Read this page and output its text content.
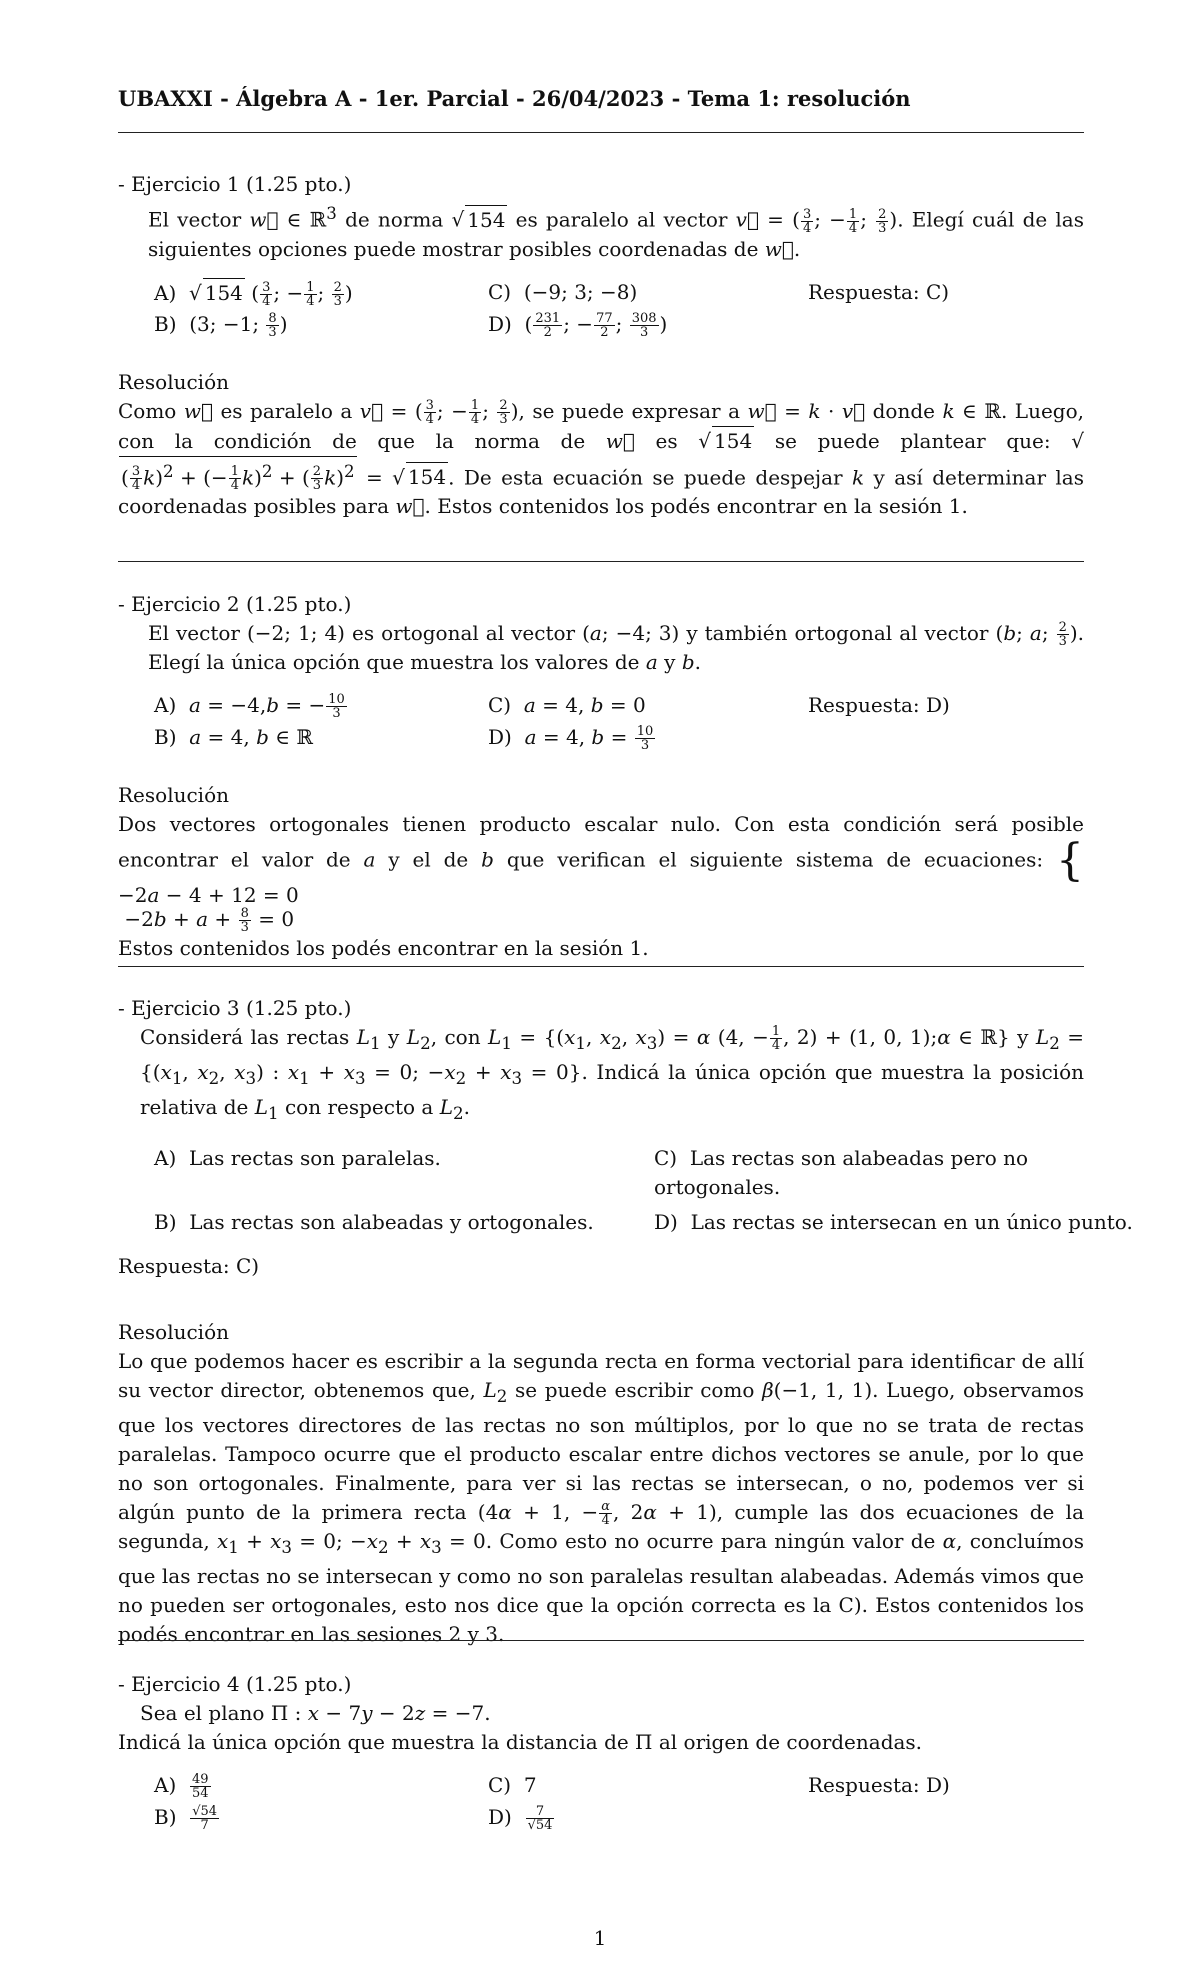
UBAXXI - Álgebra A - 1er. Parcial - 26/04/2023 - Tema 1: resolución

- Ejercicio 1 (1.25 pto.)

El vector w⃗ ∈ ℝ$^3$ de norma √ 154 es paralelo al vector v⃗ = ( $\frac{3}{4}$ ; − $\frac{1}{4}$ ; $\frac{2}{3}$ ). Elegí cuál de las siguientes opciones puede mostrar posibles coordenadas de w⃗.

A)  √ 154 ( $\frac{3}{4}$ ; − $\frac{1}{4}$ ; $\frac{2}{3}$ )
B)  (3; −1; $\frac{8}{3}$ )
C)  (−9; 3; −8)
D)  ( $\frac{231}{2}$ ; − $\frac{77}{2}$ ; $\frac{308}{3}$ )
Respuesta: C)

Resolución

Como w⃗ es paralelo a v⃗ = ( $\frac{3}{4}$ ; − $\frac{1}{4}$ ; $\frac{2}{3}$ ), se puede expresar a w⃗ = k · v⃗ donde k ∈ ℝ. Luego, con la condición de que la norma de w⃗ es √ 154 se puede plantear que: √( $\frac{3}{4} k)^2$ + (− $\frac{1}{4} k)^2$ + ( $\frac{2}{3} k)^2$ = √ 154 . De esta ecuación se puede despejar k y así determinar las coordenadas posibles para w⃗. Estos contenidos los podés encontrar en la sesión 1.

- Ejercicio 2 (1.25 pto.)

El vector (−2; 1; 4) es ortogonal al vector (a; −4; 3) y también ortogonal al vector (b; a; $\frac{2}{3}$ ). Elegí la única opción que muestra los valores de a y b.

A) a = −4,b = − $\frac{10}{3}$
B) a = 4, b ∈ ℝ
C) a = 4, b = 0
D) a = 4, $b = \frac{10}{3}$
Respuesta: D)

Resolución

Dos vectores ortogonales tienen producto escalar nulo. Con esta condición será posible encontrar el valor de a y el de b que verifican el siguiente sistema de ecuaciones: {−2a − 4 + 12 = 0
$-2b + a + \frac{8}{3} = 0$

Estos contenidos los podés encontrar en la sesión 1.

- Ejercicio 3 (1.25 pto.)

Considerá las rectas $L_1$ y $L_2$, con $L_1 = \{(x_1$, $x_2$, $x_3) = \alpha$ (4, − $\frac{1}{4}$ , 2) + (1, 0, 1);α ∈ ℝ} y $L_2 = \{(x_1$, $x_2$, $x_3$) : $x_1 + x_3 = 0$; $-x_2 + x_3 = 0$}. Indicá la única opción que muestra la posición relativa de $L_1$ con respecto a $L_2$.

A) Las rectas son paralelas.
B) Las rectas son alabeadas y ortogonales.
C) Las rectas son alabeadas pero no ortogonales.
D) Las rectas se intersecan en un único punto.

Respuesta: C)

Resolución

Lo que podemos hacer es escribir a la segunda recta en forma vectorial para identificar de allí su vector director, obtenemos que, $L_2$ se puede escribir como β(−1, 1, 1). Luego, observamos que los vectores directores de las rectas no son múltiplos, por lo que no se trata de rectas paralelas. Tampoco ocurre que el producto escalar entre dichos vectores se anule, por lo que no son ortogonales. Finalmente, para ver si las rectas se intersecan, o no, podemos ver si algún punto de la primera recta (4α + 1, − $\frac{\alpha}{4}$ , 2α + 1), cumple las dos ecuaciones de la segunda, $x_1 + x_3 = 0$; $-x_2 + x_3 = 0$. Como esto no ocurre para ningún valor de α, concluímos que las rectas no se intersecan y como no son paralelas resultan alabeadas. Además vimos que no pueden ser ortogonales, esto nos dice que la opción correcta es la C). Estos contenidos los podés encontrar en las sesiones 2 y 3.

- Ejercicio 4 (1.25 pto.)

Sea el plano Π : x − 7y − 2z = −7.

Indicá la única opción que muestra la distancia de Π al origen de coordenadas.

$A) \frac{49}{54}$
$B) \frac{√54}{7}$
C) 7
$D) \frac{7}{√54}$
Respuesta: D)
1
